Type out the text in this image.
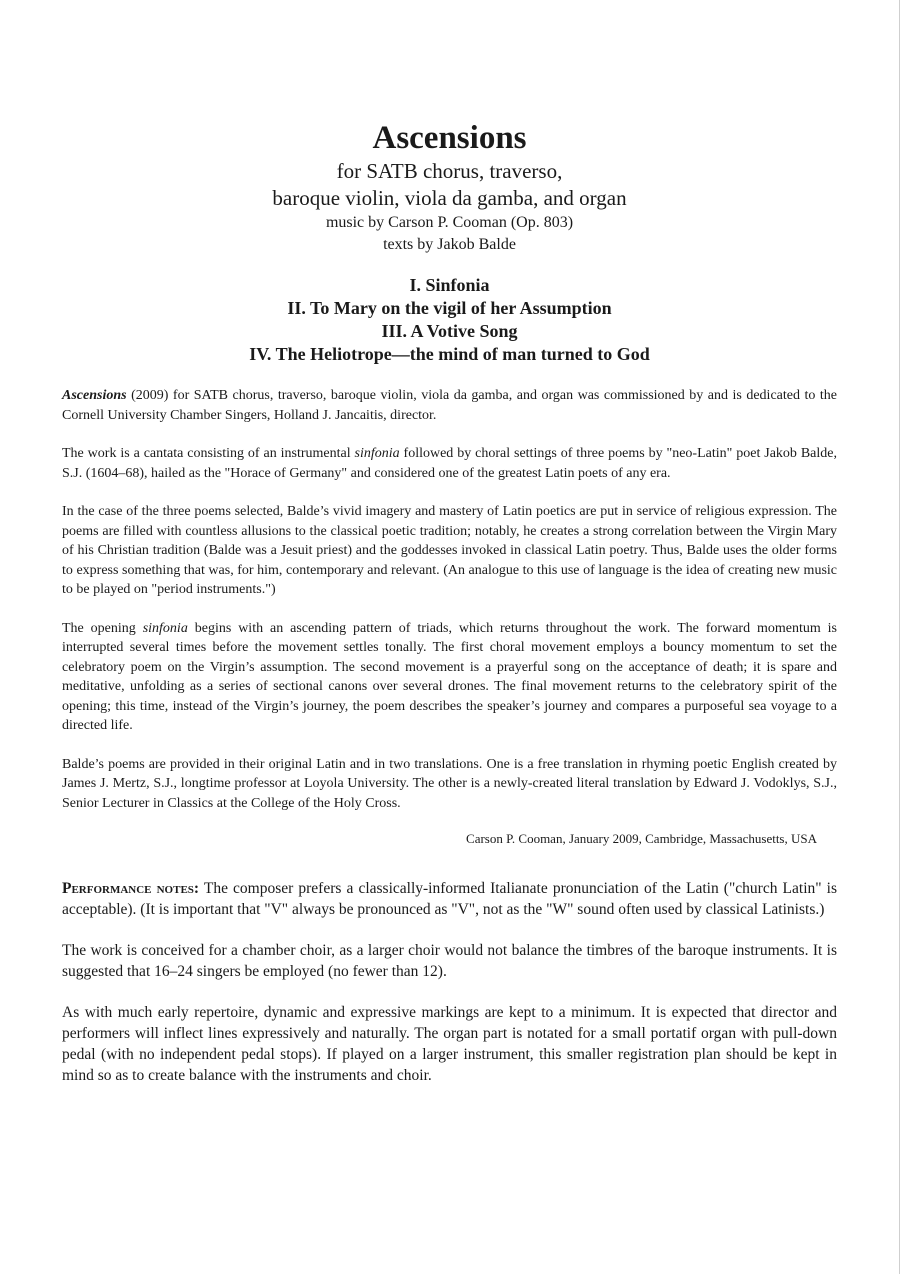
Ascensions

for SATB chorus, traverso,

baroque violin, viola da gamba, and organ

music by Carson P. Cooman (Op. 803)

texts by Jakob Balde

I. Sinfonia

II. To Mary on the vigil of her Assumption

III. A Votive Song

IV. The Heliotrope—the mind of man turned to God

Ascensions (2009) for SATB chorus, traverso, baroque violin, viola da gamba, and organ was commissioned by and is dedicated to the Cornell University Chamber Singers, Holland J. Jancaitis, director.

The work is a cantata consisting of an instrumental sinfonia followed by choral settings of three poems by "neo-Latin" poet Jakob Balde, S.J. (1604–68), hailed as the "Horace of Germany" and considered one of the greatest Latin poets of any era.

In the case of the three poems selected, Balde’s vivid imagery and mastery of Latin poetics are put in service of religious expression. The poems are filled with countless allusions to the classical poetic tradition; notably, he creates a strong correlation between the Virgin Mary of his Christian tradition (Balde was a Jesuit priest) and the goddesses invoked in classical Latin poetry. Thus, Balde uses the older forms to express something that was, for him, contemporary and relevant. (An analogue to this use of language is the idea of creating new music to be played on "period instruments.")

The opening sinfonia begins with an ascending pattern of triads, which returns throughout the work. The forward momentum is interrupted several times before the movement settles tonally. The first choral movement employs a bouncy momentum to set the celebratory poem on the Virgin’s assumption. The second movement is a prayerful song on the acceptance of death; it is spare and meditative, unfolding as a series of sectional canons over several drones. The final movement returns to the celebratory spirit of the opening; this time, instead of the Virgin’s journey, the poem describes the speaker’s journey and compares a purposeful sea voyage to a directed life.

Balde’s poems are provided in their original Latin and in two translations. One is a free translation in rhyming poetic English created by James J. Mertz, S.J., longtime professor at Loyola University. The other is a newly-created literal translation by Edward J. Vodoklys, S.J., Senior Lecturer in Classics at the College of the Holy Cross.

Carson P. Cooman, January 2009, Cambridge, Massachusetts, USA

Performance notes: The composer prefers a classically-informed Italianate pronunciation of the Latin ("church Latin" is acceptable). (It is important that "V" always be pronounced as "V", not as the "W" sound often used by classical Latinists.)

The work is conceived for a chamber choir, as a larger choir would not balance the timbres of the baroque instruments. It is suggested that 16–24 singers be employed (no fewer than 12).

As with much early repertoire, dynamic and expressive markings are kept to a minimum. It is expected that director and performers will inflect lines expressively and naturally. The organ part is notated for a small portatif organ with pull-down pedal (with no independent pedal stops). If played on a larger instrument, this smaller registration plan should be kept in mind so as to create balance with the instruments and choir.
